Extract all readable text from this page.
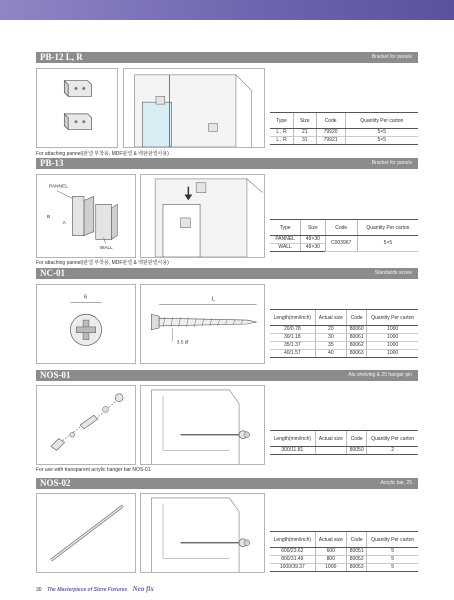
PB-12 L, R	Bracket for panels
Type	Size	Code	Quantity Per carton
L , R	21	79920	5×5
L , R	31	79921	5×5
For attaching pannel(판넬 부착용, MDF판넬 & 백판판넬사용)
PB-13	Bracket for panels
PANNEL
WALL
B
A
Type	Size	Code	Quantity Per carton
PANNEL	49×30	C003967	5×5
WALL	49×30		
For attaching pannel(판넬 부착용, MDF판넬 & 백판판넬사용)
NC-01	Standards screw
6	L
3.5 Ø
Length(mm/inch)	Actual size	Code	Quantity Per carton
20/0.78	20	80060	1000
30/1.18	30	80061	1000
35/1.37	35	80062	1000
40/1.57	40	80063	1000
NOS-01	Alu shelving & 25 hanger pin
Length(mm/inch)	Actual size	Code	Quantity Per carton
300/11.81		80050	2
For use with transparent acrylic hanger bar NOS-01
NOS-02	Acrylic bar, 25
Length(mm/inch)	Actual size	Code	Quantity Per carton
600/23.62	600	80051	5
800/31.49	800	80052	5
1000/39.37	1000	80053	5
30 The Masterpiece of Store Fixtures Neo fix
